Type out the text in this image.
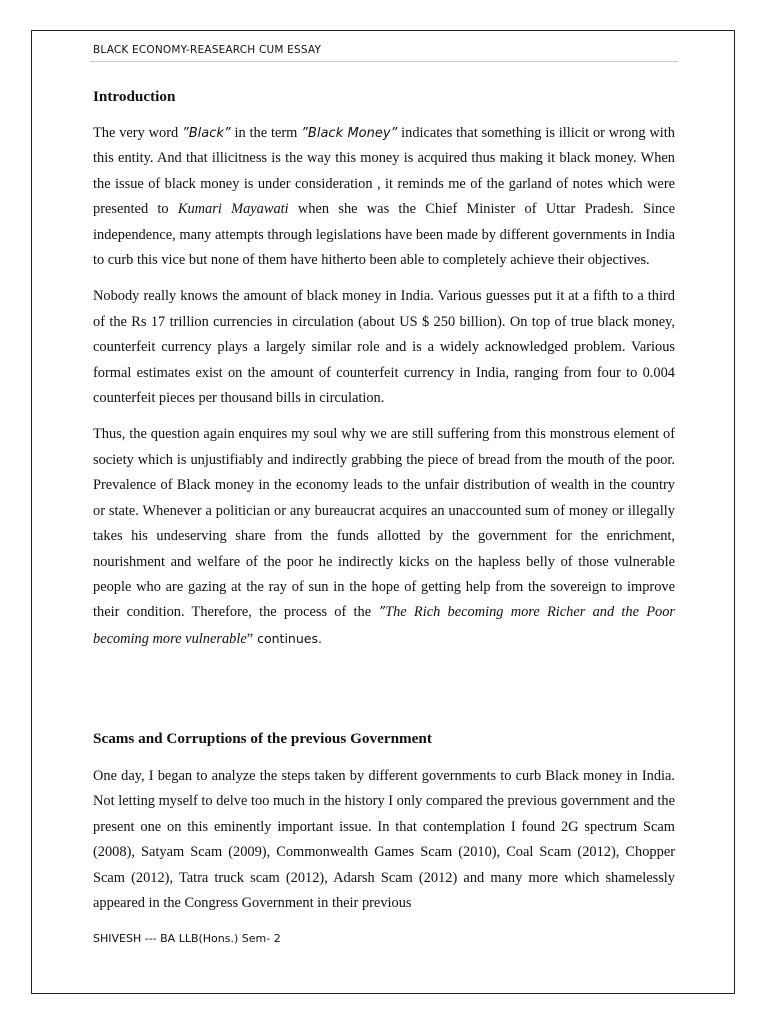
BLACK ECONOMY-REASEARCH CUM ESSAY
Introduction

The very word ”Black” in the term ”Black Money” indicates that something is illicit or wrong with this entity. And that illicitness is the way this money is acquired thus making it black money. When the issue of black money is under consideration , it reminds me of the garland of notes which were presented to Kumari Mayawati when she was the Chief Minister of Uttar Pradesh. Since independence, many attempts through legislations have been made by different governments in India to curb this vice but none of them have hitherto been able to completely achieve their objectives.

Nobody really knows the amount of black money in India. Various guesses put it at a fifth to a third of the Rs 17 trillion currencies in circulation (about US $ 250 billion). On top of true black money, counterfeit currency plays a largely similar role and is a widely acknowledged problem. Various formal estimates exist on the amount of counterfeit currency in India, ranging from four to 0.004 counterfeit pieces per thousand bills in circulation.

Thus, the question again enquires my soul why we are still suffering from this monstrous element of society which is unjustifiably and indirectly grabbing the piece of bread from the mouth of the poor. Prevalence of Black money in the economy leads to the unfair distribution of wealth in the country or state. Whenever a politician or any bureaucrat acquires an unaccounted sum of money or illegally takes his undeserving share from the funds allotted by the government for the enrichment, nourishment and welfare of the poor he indirectly kicks on the hapless belly of those vulnerable people who are gazing at the ray of sun in the hope of getting help from the sovereign to improve their condition. Therefore, the process of the ”The Rich becoming more Richer and the Poor becoming more vulnerable” continues.

Scams and Corruptions of the previous Government

One day, I began to analyze the steps taken by different governments to curb Black money in India. Not letting myself to delve too much in the history I only compared the previous government and the present one on this eminently important issue. In that contemplation I found 2G spectrum Scam (2008), Satyam Scam (2009), Commonwealth Games Scam (2010), Coal Scam (2012), Chopper Scam (2012), Tatra truck scam (2012), Adarsh Scam (2012) and many more which shamelessly appeared in the Congress Government in their previous

SHIVESH --- BA LLB(Hons.) Sem- 2
